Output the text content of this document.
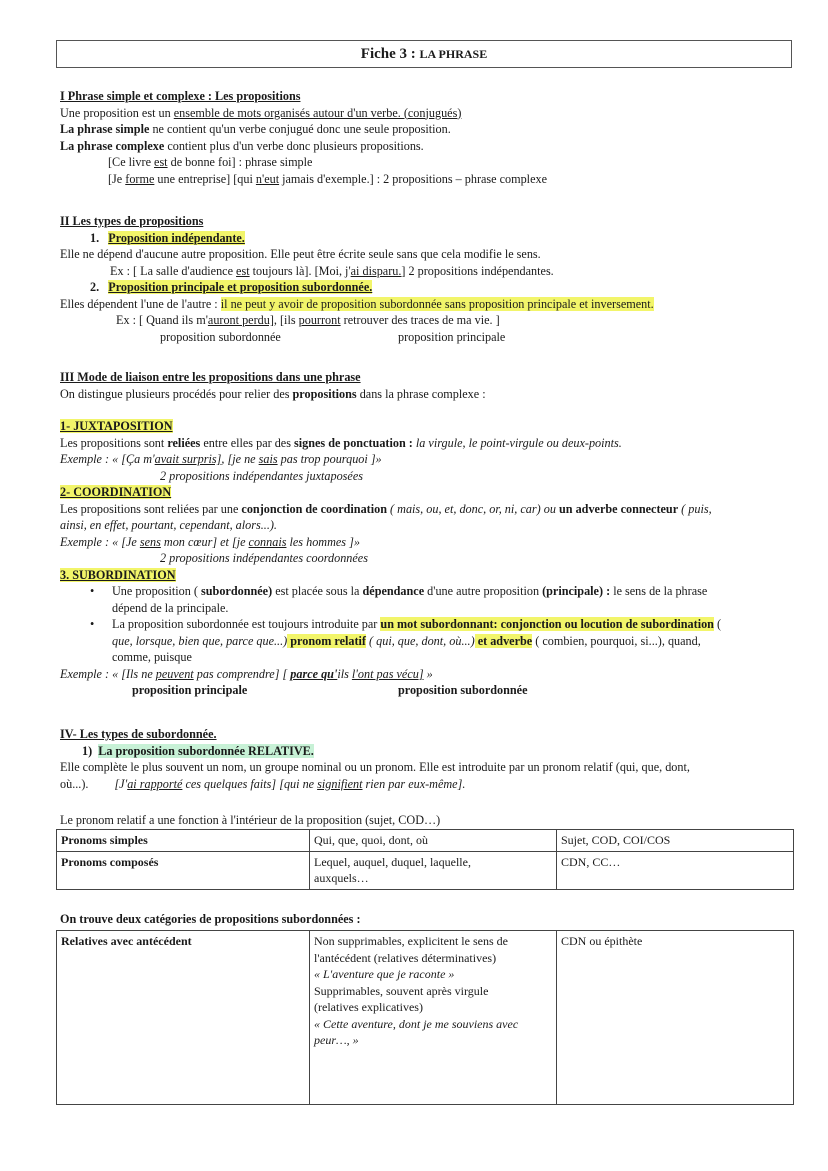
Fiche 3 : LA PHRASE
I Phrase simple et complexe : Les propositions
Une proposition est un ensemble de mots organisés autour d'un verbe. (conjugués)
La phrase simple ne contient qu'un verbe conjugué donc une seule proposition.
La phrase complexe contient plus d'un verbe donc plusieurs propositions.
[Ce livre est de bonne foi] : phrase simple
[Je forme une entreprise] [qui n'eut jamais d'exemple.] : 2 propositions – phrase complexe
II Les types de propositions
1. Proposition indépendante.
Elle ne dépend d'aucune autre proposition. Elle peut être écrite seule sans que cela modifie le sens.
Ex : [ La salle d'audience est toujours là]. [Moi, j'ai disparu.] 2 propositions indépendantes.
2. Proposition principale et proposition subordonnée.
Elles dépendent l'une de l'autre : il ne peut y avoir de proposition subordonnée sans proposition principale et inversement.
Ex : [ Quand ils m'auront perdu], [ils pourront retrouver des traces de ma vie. ]
proposition subordonnée	proposition principale
III Mode de liaison entre les propositions dans une phrase
On distingue plusieurs procédés pour relier des propositions dans la phrase complexe :
1- JUXTAPOSITION
Les propositions sont reliées entre elles par des signes de ponctuation : la virgule, le point-virgule ou deux-points.
Exemple : « [Ça m'avait surpris], [je ne sais pas trop pourquoi ]»
2 propositions indépendantes juxtaposées
2- COORDINATION
Les propositions sont reliées par une conjonction de coordination ( mais, ou, et, donc, or, ni, car) ou un adverbe connecteur ( puis,
ainsi, en effet, pourtant, cependant, alors...).
Exemple : « [Je sens mon cœur] et [je connais les hommes ]»
2 propositions indépendantes coordonnées
3. SUBORDINATION
• Une proposition ( subordonnée) est placée sous la dépendance d'une autre proposition (principale) : le sens de la phrase
dépend de la principale.
• La proposition subordonnée est toujours introduite par un mot subordonnant: conjonction ou locution de subordination (
que, lorsque, bien que, parce que...) pronom relatif ( qui, que, dont, où...) et adverbe ( combien, pourquoi, si...), quand,
comme, puisque
Exemple : « [Ils ne peuvent pas comprendre] [ parce qu'ils l'ont pas vécu] »
proposition principale	proposition subordonnée
IV- Les types de subordonnée.
1) La proposition subordonnée RELATIVE.
Elle complète le plus souvent un nom, un groupe nominal ou un pronom. Elle est introduite par un pronom relatif (qui, que, dont,
où...). [J'ai rapporté ces quelques faits] [qui ne signifient rien par eux-même].
Le pronom relatif a une fonction à l'intérieur de la proposition (sujet, COD…)
Pronoms simples	Qui, que, quoi, dont, où	Sujet, COD, COI/COS
Pronoms composés	Lequel, auquel, duquel, laquelle,
auxquels…	CDN, CC…
On trouve deux catégories de propositions subordonnées :
Relatives avec antécédent	Non supprimables, explicitent le sens de
l'antécédent (relatives déterminatives)
« L'aventure que je raconte »
Supprimables, souvent après virgule
(relatives explicatives)
« Cette aventure, dont je me souviens avec
peur…, »
	CDN ou épithète
